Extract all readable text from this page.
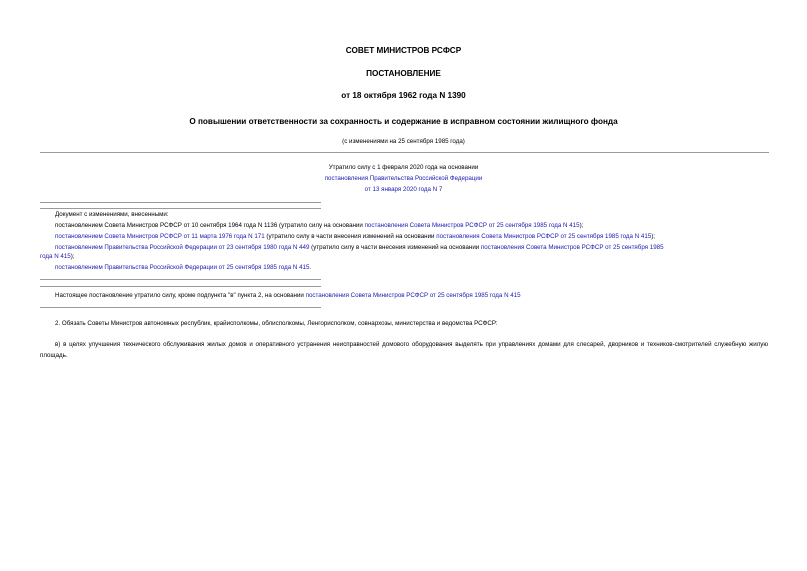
СОВЕТ МИНИСТРОВ РСФСР
ПОСТАНОВЛЕНИЕ
от 18 октября 1962 года N 1390
О повышении ответственности за сохранность и содержание в исправном состоянии жилищного фонда
(с изменениями на 25 сентября 1985 года)
Утратило силу с 1 февраля 2020 года на основании
постановления Правительства Российской Федерации
от 13 января 2020 года N 7
Документ с изменениями, внесенными:
постановлением Совета Министров РСФСР от 10 сентября 1964 года N 1136 (утратило силу на основании постановления Совета Министров РСФСР от 25 сентября 1985 года N 415);
постановлением Совета Министров РСФСР от 11 марта 1976 года N 171 (утратило силу в части внесения изменений на основании постановления Совета Министров РСФСР от 25 сентября 1985 года N 415);
постановлением Правительства Российской Федерации от 23 сентября 1980 года N 449 (утратило силу в части внесения изменений на основании постановления Совета Министров РСФСР от 25 сентября 1985
года N 415);
постановлением Правительства Российской Федерации от 25 сентября 1985 года N 415.
Настоящее постановление утратило силу, кроме подпункта "в" пункта 2, на основании постановления Совета Министров РСФСР от 25 сентября 1985 года N 415
2. Обязать Советы Министров автономных республик, крайисполкомы, облисполкомы, Ленгорисполком, совнархозы, министерства и ведомства РСФСР:
в) в целях улучшения технического обслуживания жилых домов и оперативного устранения неисправностей домового оборудования выделять при управлениях домами для слесарей, дворников и техников-смотрителей служебную жилую площадь.
